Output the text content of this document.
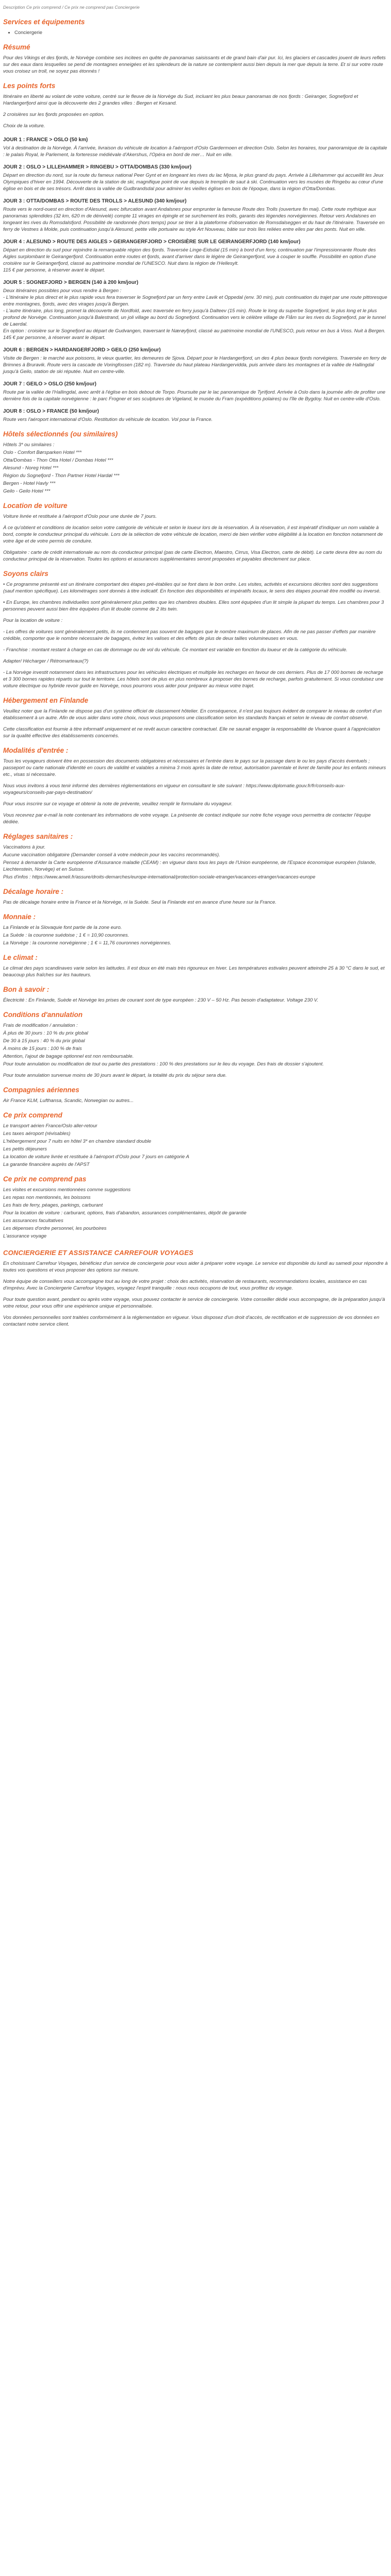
Description Ce prix comprend / Ce prix ne comprend pas Conciergerie

Services et équipements
• Conciergerie
Résumé

Pour des Vikings et des fjords, le Norvège combine ses incitees en quête de panoramas saisissants et de grand bain d'air pur. Ici, les glaciers et cascades jouent de leurs reflets sur des eaux dans lesquelles se pend de montagnes enneigées et les splendeurs de la nature se contemplent aussi bien depuis la mer que depuis la terre. Et si sur votre route vous croisez un troll, ne soyez pas étonnés !

Les points forts

Itinéraire en liberté au volant de votre voiture, centré sur le fleuve de la Norvège du Sud, incluant les plus beaux panoramas de nos fjords : Geiranger, Sognefjord et Hardangerfjord ainsi que la découverte des 2 grandes villes : Bergen et Kesand.

2 croisières sur les fjords proposées en option.

Choix de la voiture.

JOUR 1 : FRANCE > OSLO (50 km)

Vol à destination de la Norvège. À l'arrivée, livraison du véhicule de location à l'aéroport d'Oslo Gardermoen et direction Oslo. Selon les horaires, tour panoramique de la capitale : le palais Royal, le Parlement, la forteresse médiévale d'Akershus, l'Opéra en bord de mer… Nuit en ville.

JOUR 2 : OSLO > LILLEHAMMER > RINGEBU > OTTA/DOMBAS (330 km/jour)

Départ en direction du nord, sur la route du fameux national Peer Gynt et en longeant les rives du lac Mjosa, le plus grand du pays. Arrivée à Lillehammer qui accueillit les Jeux Olympiques d'hiver en 1994. Découverte de la station de ski, magnifique point de vue depuis le tremplin de saut à ski. Continuation vers les musées de Ringebu au cœur d'une église en bois et de ses trésors. Arrêt dans la vallée de Gudbrandsdal pour admirer les vieilles églises en bois de l'époque, dans la région d'Otta/Dombas.

JOUR 3 : OTTA/DOMBAS > ROUTE DES TROLLS > ALESUND (340 km/jour)

Route vers le nord-ouest en direction d'Alesund, avec bifurcation avant Andalsnes pour emprunter la fameuse Route des Trolls (ouverture fin mai). Cette route mythique aux panoramas splendides (32 km, 620 m de dénivelé) compte 11 virages en épingle et se surchement les trolls, garants des légendes norvégiennes. Retour vers Andalsnes en longeant les rives du Romsdalsfjord. Possibilité de randonnée (hors temps) pour se tirer à la plateforme d'observation de Romsdalseggen et du haut de l'itinéraire. Traversée en ferry de Vestnes à Molde, puis continuation jusqu'à Alesund, petite ville portuaire au style Art Nouveau, bâtie sur trois îles reliées entre elles par des ponts. Nuit en ville.

JOUR 4 : ALESUND > ROUTE DES AIGLES > GEIRANGERFJORD > CROISIÈRE SUR LE GEIRANGERFJORD (140 km/jour)

Départ en direction du sud pour rejoindre la remarquable région des fjords. Traversée Linge-Eidsdal (15 min) à bord d'un ferry, continuation par l'impressionnante Route des Aigles surplombant le Geirangerfjord. Continuation entre routes et fjords, avant d'arriver dans le légère de Geirangerfjord, vue à couper le souffle. Possibilité en option d'une croisière sur le Geirangerfjord, classé au patrimoine mondial de l'UNESCO. Nuit dans la région de l'Hellesylt.

115 € par personne, à réserver avant le départ.

JOUR 5 : SOGNEFJORD > BERGEN (140 à 200 km/jour)

Deux itinéraires possibles pour vous rendre à Bergen :

- L'itinéraire le plus direct et le plus rapide vous fera traverser le Sognefjord par un ferry entre Lavik et Oppedal (env. 30 min), puis continuation du trajet par une route pittoresque entre montagnes, fjords, avec des virages jusqu'à Bergen.

- L'autre itinéraire, plus long, promet la découverte de Nordfold, avec traversée en ferry jusqu'à Dalteev (15 min). Route le long du superbe Sognefjord, le plus long et le plus profond de Norvège. Continuation jusqu'à Balestrand, un joli village au bord du Sognefjord. Continuation vers le célèbre village de Flåm sur les rives du Sognefjord, par le tunnel de Laerdal.

En option : croisière sur le Sognefjord au départ de Gudvangen, traversant le Nærøyfjord, classé au patrimoine mondial de l'UNESCO, puis retour en bus à Voss. Nuit à Bergen.

145 € par personne, à réserver avant le départ.

JOUR 6 : BERGEN > HARDANGERFJORD > GEILO (250 km/jour)

Visite de Bergen : le marché aux poissons, le vieux quartier, les demeures de Sjova. Départ pour le Hardangerfjord, un des 4 plus beaux fjords norvégiens. Traversée en ferry de Brimnes à Bruravik. Route vers la cascade de Voringfossen (182 m). Traversée du haut plateau Hardangervidda, puis arrivée dans les montagnes et la vallée de Hallingdal jusqu'à Geilo, station de ski réputée. Nuit en centre-ville.

JOUR 7 : GEILO > OSLO (250 km/jour)

Route par la vallée de l'Hallingdal, avec arrêt à l'église en bois debout de Torpo. Poursuite par le lac panoramique de Tyrifjord. Arrivée à Oslo dans la journée afin de profiter une dernière fois de la capitale norvégienne : le parc Frogner et ses sculptures de Vigeland, le musée du Fram (expéditions polaires) ou l'île de Bygdoy. Nuit en centre-ville d'Oslo.

JOUR 8 : OSLO > FRANCE (50 km/jour)

Route vers l'aéroport international d'Oslo. Restitution du véhicule de location. Vol pour la France.

Hôtels sélectionnés (ou similaires)

Hôtels 3* ou similaires :

Oslo - Comfort Børsparken Hotel ***

Otta/Dombas - Thon Otta Hotel / Dombas Hotel ***

Alesund - Noreg Hotel ***

Région du Sognefjord - Thon Partner Hotel Hardøl ***

Bergen - Hotel Havly ***

Geilo - Geilo Hotel ***

Location de voiture

Voiture livrée et restituée à l'aéroport d'Oslo pour une durée de 7 jours.

À ce qu'obtient et conditions de location selon votre catégorie de véhicule et selon le loueur lors de la réservation. À la réservation, il est impératif d'indiquer un nom valable à bord, compte le conducteur principal du véhicule. Lors de la sélection de votre véhicule de location, merci de bien vérifier votre éligibilité à la location en fonction notamment de votre âge et de votre permis de conduire.

Obligatoire : carte de crédit internationale au nom du conducteur principal (pas de carte Electron, Maestro, Cirrus, Visa Electron, carte de débit). Le carte devra être au nom du conducteur principal de la réservation. Toutes les options et assurances supplémentaires seront proposées et payables directement sur place.

Soyons clairs

• Ce programme présenté est un itinéraire comportant des étapes pré-établies qui se font dans le bon ordre. Les visites, activités et excursions décrites sont des suggestions (sauf mention spécifique). Les kilométrages sont donnés à titre indicatif. En fonction des disponibilités et impératifs locaux, le sens des étapes pourrait être modifié ou inversé.

• En Europe, les chambres individuelles sont généralement plus petites que les chambres doubles. Elles sont équipées d'un lit simple la plupart du temps. Les chambres pour 3 personnes peuvent aussi bien être équipées d'un lit double comme de 2 lits twin.

Pour la location de voiture :

- Les offres de voitures sont généralement petits, ils ne contiennent pas souvent de bagages que le nombre maximum de places. Afin de ne pas passer d'effets par manière crédible, comporter que le nombre nécessaire de bagages, évitez les valises et des effets de plus de deux tailles volumineuses en vous.

- Franchise : montant restant à charge en cas de dommage ou de vol du véhicule. Ce montant est variable en fonction du loueur et de la catégorie du véhicule.

Adapter/ Hécharger / Rétromarteaux(?)

- La Norvège investit notamment dans les infrastructures pour les véhicules électriques et multiplie les recharges en favour de ces derniers. Plus de 17 000 bornes de recharge et 3 300 bornes rapides répartis sur tout le territoire. Les hôtels sont de plus en plus nombreux à proposer des bornes de recharge, parfois gratuitement. Si vous conduisez une voiture électrique ou hybride revoir guide en Norvège, nous pourrons vous aider pour préparer au mieux votre trajet.

Hébergement en Finlande

Veuillez noter que la Finlande ne dispose pas d'un système officiel de classement hôtelier. En conséquence, il n'est pas toujours évident de comparer le niveau de confort d'un établissement à un autre. Afin de vous aider dans votre choix, nous vous proposons une classification selon les standards français et selon le niveau de confort observé.

Cette classification est fournie à titre informatif uniquement et ne revêt aucun caractère contractuel. Elle ne saurait engager la responsabilité de Vivanoe quant à l'appréciation sur la qualité effective des établissements concernés.

Modalités d'entrée :

Tous les voyageurs doivent être en possession des documents obligatoires et nécessaires et l'entrée dans le pays sur la passage dans le ou les pays d'accès éventuels ; passeport ou carte nationale d'identité en cours de validité et valables a minima 3 mois après la date de retour, autorisation parentale et livret de famille pour les enfants mineurs etc., visas si nécessaire.

Nous vous invitons à vous tenir informé des dernières réglementations en vigueur en consultant le site suivant : https://www.diplomatie.gouv.fr/fr/conseils-aux-voyageurs/conseils-par-pays-destination/

Pour vous inscrire sur ce voyage et obtenir la note de prévente, veuillez remplir le formulaire du voyageur.

Vous recevrez par e-mail la note contenant les informations de votre voyage. La présente de contact indiquée sur notre fiche voyage vous permettra de contacter l'équipe dédiée.

Réglages sanitaires :

Vaccinations à jour.

Aucune vaccination obligatoire (Demander conseil à votre médecin pour les vaccins recommandés).

Pensez à demander la Carte européenne d'Assurance maladie (CEAM) : en vigueur dans tous les pays de l'Union européenne, de l'Espace économique européen (Islande, Liechtenstein, Norvège) et en Suisse.

Plus d'infos : https://www.ameli.fr/assure/droits-demarches/europe-international/protection-sociale-etranger/vacances-etranger/vacances-europe

Décalage horaire :

Pas de décalage horaire entre la France et la Norvège, ni la Suède. Seul la Finlande est en avance d'une heure sur la France.

Monnaie :

La Finlande et la Slovaquie font partie de la zone euro.

La Suède : la couronne suédoise ; 1 € = 10,90 couronnes.

La Norvège : la couronne norvégienne ; 1 € = 11,76 couronnes norvégiennes.

Le climat :

Le climat des pays scandinaves varie selon les latitudes. Il est doux en été mais très rigoureux en hiver. Les températures estivales peuvent atteindre 25 à 30 °C dans le sud, et beaucoup plus fraîches sur les hauteurs.

Bon à savoir :

Électricité : En Finlande, Suède et Norvège les prises de courant sont de type européen : 230 V – 50 Hz. Pas besoin d'adaptateur. Voltage 230 V.

Conditions d'annulation

Frais de modification / annulation :

À plus de 30 jours : 10 % du prix global

De 30 à 15 jours : 40 % du prix global

À moins de 15 jours : 100 % de frais

Attention, l'ajout de bagage optionnel est non remboursable.

Pour toute annulation ou modification de tout ou partie des prestations : 100 % des prestations sur le lieu du voyage. Des frais de dossier s'ajoutent.

Pour toute annulation survenue moins de 30 jours avant le départ, la totalité du prix du séjour sera due.

Compagnies aériennes

Air France KLM, Lufthansa, Scandic, Norwegian ou autres...

Ce prix comprend

Le transport aérien France/Oslo aller-retour

Les taxes aéroport (révisables)

L'hébergement pour 7 nuits en hôtel 3* en chambre standard double

Les petits déjeuners

La location de voiture livrée et restituée à l'aéroport d'Oslo pour 7 jours en catégorie A

La garantie financière auprès de l'APST

Ce prix ne comprend pas

Les visites et excursions mentionnées comme suggestions

Les repas non mentionnés, les boissons

Les frais de ferry, péages, parkings, carburant

Pour la location de voiture : carburant, options, frais d'abandon, assurances complémentaires, dépôt de garantie

Les assurances facultatives

Les dépenses d'ordre personnel, les pourboires

L'assurance voyage

CONCIERGERIE ET ASSISTANCE CARREFOUR VOYAGES

En choisissant Carrefour Voyages, bénéficiez d'un service de conciergerie pour vous aider à préparer votre voyage. Le service est disponible du lundi au samedi pour répondre à toutes vos questions et vous proposer des options sur mesure.

Notre équipe de conseillers vous accompagne tout au long de votre projet : choix des activités, réservation de restaurants, recommandations locales, assistance en cas d'imprévu. Avec la Conciergerie Carrefour Voyages, voyagez l'esprit tranquille : nous nous occupons de tout, vous profitez du voyage.

Pour toute question avant, pendant ou après votre voyage, vous pouvez contacter le service de conciergerie. Votre conseiller dédié vous accompagne, de la préparation jusqu'à votre retour, pour vous offrir une expérience unique et personnalisée.

Vos données personnelles sont traitées conformément à la réglementation en vigueur. Vous disposez d'un droit d'accès, de rectification et de suppression de vos données en contactant notre service client.
